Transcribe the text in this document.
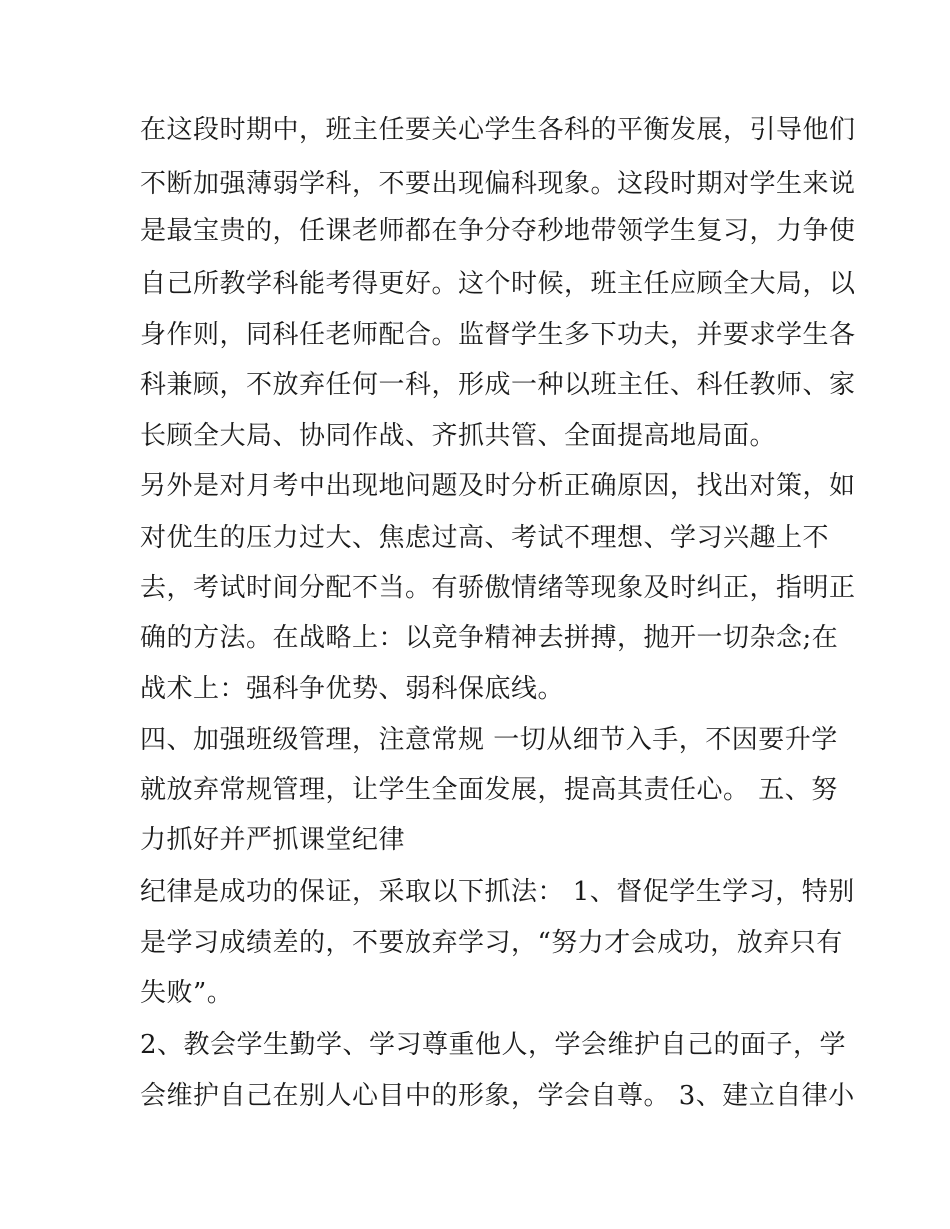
在这段时期中，班主任要关心学生各科的平衡发展，引导他们
不断加强薄弱学科，不要出现偏科现象。这段时期对学生来说
是最宝贵的，任课老师都在争分夺秒地带领学生复习，力争使
自己所教学科能考得更好。这个时候，班主任应顾全大局，以
身作则，同科任老师配合。监督学生多下功夫，并要求学生各
科兼顾，不放弃任何一科，形成一种以班主任、科任教师、家
长顾全大局、协同作战、齐抓共管、全面提高地局面。
另外是对月考中出现地问题及时分析正确原因，找出对策，如
对优生的压力过大、焦虑过高、考试不理想、学习兴趣上不
去，考试时间分配不当。有骄傲情绪等现象及时纠正，指明正
确的方法。在战略上：以竞争精神去拼搏，抛开一切杂念;在
战术上：强科争优势、弱科保底线。
四、加强班级管理，注意常规 一切从细节入手，不因要升学
就放弃常规管理，让学生全面发展，提高其责任心。 五、努
力抓好并严抓课堂纪律
纪律是成功的保证，采取以下抓法： 1、督促学生学习，特别
是学习成绩差的，不要放弃学习，“努力才会成功，放弃只有
失败”。
2、教会学生勤学、学习尊重他人，学会维护自己的面子，学
会维护自己在别人心目中的形象，学会自尊。 3、建立自律小
